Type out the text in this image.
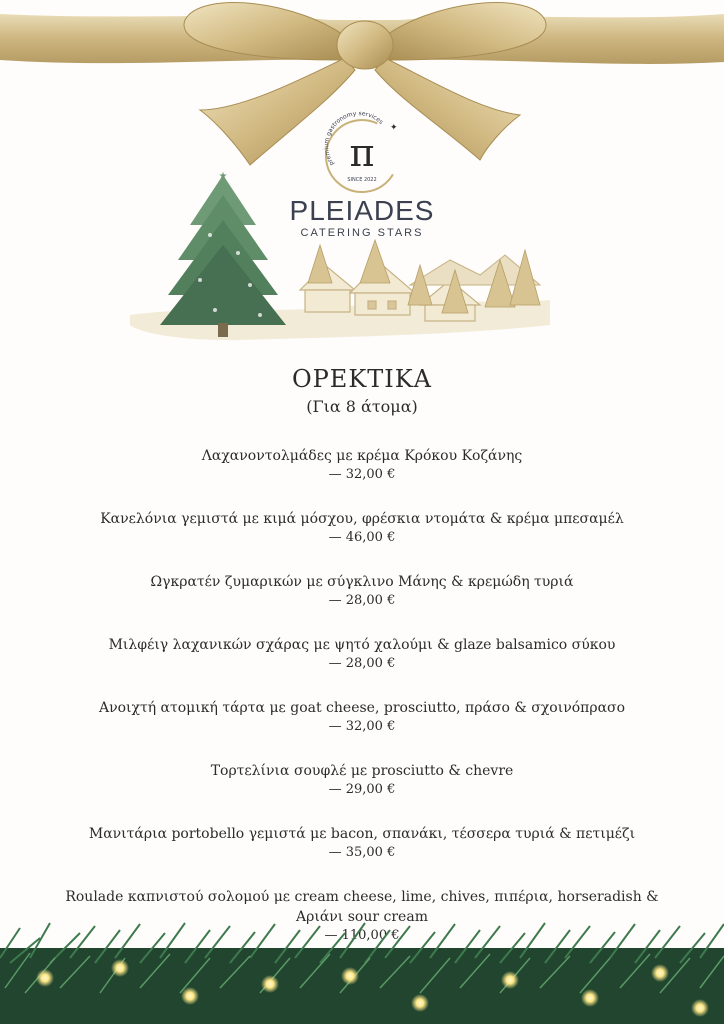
premium gastronomy services
π
✦
SINCE 2022
★
PLEIADES
CATERING STARS
ΟΡΕΚΤΙΚΑ
(Για 8 άτομα)
Λαχανοντολμάδες με κρέμα Κρόκου Κοζάνης
— 32,00 €
Κανελόνια γεμιστά με κιμά μόσχου, φρέσκια ντομάτα & κρέμα μπεσαμέλ
— 46,00 €
Ωγκρατέν ζυμαρικών με σύγκλινο Μάνης & κρεμώδη τυριά
— 28,00 €
Μιλφέιγ λαχανικών σχάρας με ψητό χαλούμι & glaze balsamico σύκου
— 28,00 €
Ανοιχτή ατομική τάρτα με goat cheese, prosciutto, πράσο & σχοινόπρασο
— 32,00 €
Τορτελίνια σουφλέ με prosciutto & chevre
— 29,00 €
Μανιτάρια portobello γεμιστά με bacon, σπανάκι, τέσσερα τυριά & πετιμέζι
— 35,00 €
Roulade καπνιστού σολομού με cream cheese, lime, chives, πιπέρια, horseradish & Αριάνι sour cream
— 110,00 €
